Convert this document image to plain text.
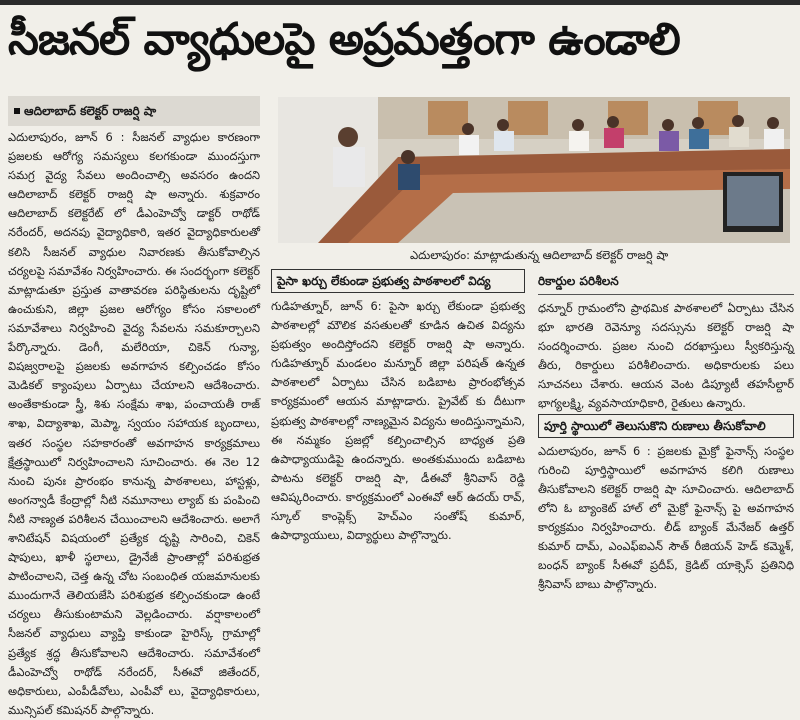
సీజనల్ వ్యాధులపై అప్రమత్తంగా ఉండాలి
ఆదిలాబాద్ కలెక్టర్ రాజర్షి షా
ఎదులాపురం: మాట్లాడుతున్న ఆదిలాబాద్ కలెక్టర్ రాజర్షి షా

ఎదులాపురం, జూన్ 6 : సీజనల్ వ్యాధుల కారణంగా ప్రజలకు ఆరోగ్య సమస్యలు కలగకుండా ముందస్తుగా సమగ్ర వైద్య సేవలు అందించాల్సి అవసరం ఉందని ఆదిలాబాద్ కలెక్టర్ రాజర్షి షా అన్నారు. శుక్రవారం ఆదిలాబాద్ కలెక్టరేట్ లో డీఎంహెచ్వో డాక్టర్ రాథోడ్ నరేందర్, అదనపు వైద్యాధికారి, ఇతర వైద్యాధికారులతో కలిసి సీజనల్ వ్యాధుల నివారణకు తీసుకోవాల్సిన చర్యలపై సమావేశం నిర్వహించారు. ఈ సందర్భంగా కలెక్టర్ మాట్లాడుతూ ప్రస్తుత వాతావరణ పరిస్థితులను దృష్టిలో ఉంచుకుని, జిల్లా ప్రజల ఆరోగ్యం కోసం సకాలంలో సమావేశాలు నిర్వహించి వైద్య సేవలను సమకూర్చాలని పేర్కొన్నారు. డెంగీ, మలేరియా, చికెన్ గున్యా, విషజ్వరాలపై ప్రజలకు అవగాహన కల్పించడం కోసం మెడికల్ క్యాంపులు ఏర్పాటు చేయాలని ఆదేశించారు. అంతేకాకుండా స్త్రీ, శిశు సంక్షేమ శాఖ, పంచాయతీ రాజ్ శాఖ, విద్యాశాఖ, మెప్మా, స్వయం సహాయక బృందాలు, ఇతర సంస్థల సహకారంతో అవగాహన కార్యక్రమాలు క్షేత్రస్థాయిలో నిర్వహించాలని సూచించారు. ఈ నెల 12 నుంచి పునః ప్రారంభం కానున్న పాఠశాలలు, హాస్టళ్లు, అంగన్వాడీ కేంద్రాల్లో నీటి నమూనాలు ల్యాబ్ కు పంపించి నీటి నాణ్యత పరిశీలన చేయించాలని ఆదేశించారు. అలాగే శానిటేషన్ విషయంలో ప్రత్యేక దృష్టి సారించి, చికెన్ షాపులు, ఖాళీ స్థలాలు, డ్రైనేజీ ప్రాంతాల్లో పరిశుభ్రత పాటించాలని, చెత్త ఉన్న చోట సంబంధిత యజమానులకు ముందుగానే తెలియజేసి పరిశుభ్రత కల్పించకుండా ఉంటే చర్యలు తీసుకుంటామని వెల్లడించారు. వర్షాకాలంలో సీజనల్ వ్యాధులు వ్యాప్తి కాకుండా హైరిస్క్ గ్రామాల్లో ప్రత్యేక శ్రద్ధ తీసుకోవాలని ఆదేశించారు. సమావేశంలో డీఎంహెచ్వో రాథోడ్ నరేందర్, సీఈవో జితేందర్, అధికారులు, ఎంపీడీవోలు, ఎంపీవో లు, వైద్యాధికారులు, మున్సిపల్ కమిషనర్ పాల్గొన్నారు.

పైసా ఖర్చు లేకుండా ప్రభుత్వ పాఠశాలలో విద్య

గుడిహత్నూర్, జూన్ 6: పైసా ఖర్చు లేకుండా ప్రభుత్వ పాఠశాలల్లో మౌలిక వసతులతో కూడిన ఉచిత విద్యను ప్రభుత్వం అందిస్తోందని కలెక్టర్ రాజర్షి షా అన్నారు. గుడిహత్నూర్ మండలం మన్నూర్ జిల్లా పరిషత్ ఉన్నత పాఠశాలలో ఏర్పాటు చేసిన బడిబాట ప్రారంభోత్సవ కార్యక్రమంలో ఆయన మాట్లాడారు. ప్రైవేట్ కు దీటుగా ప్రభుత్వ పాఠశాలల్లో నాణ్యమైన విద్యను అందిస్తున్నామని, ఈ నమ్మకం ప్రజల్లో కల్పించాల్సిన బాధ్యత ప్రతి ఉపాధ్యాయుడిపై ఉందన్నారు. అంతకుముందు బడిబాట పాటను కలెక్టర్ రాజర్షి షా, డీఈవో శ్రీనివాస్ రెడ్డి ఆవిష్కరించారు. కార్యక్రమంలో ఎంఈవో ఆర్ ఉదయ్ రావ్, స్కూల్ కాంప్లెక్స్ హెచ్ఎం సంతోష్ కుమార్, ఉపాధ్యాయులు, విద్యార్థులు పాల్గొన్నారు.

రికార్డుల పరిశీలన

ధన్నూర్ గ్రామంలోని ప్రాథమిక పాఠశాలలో ఏర్పాటు చేసిన భూ భారతి రెవెన్యూ సదస్సును కలెక్టర్ రాజర్షి షా సందర్శించారు. ప్రజల నుంచి దరఖాస్తులు స్వీకరిస్తున్న తీరు, రికార్డులు పరిశీలించారు. అధికారులకు పలు సూచనలు చేశారు. ఆయన వెంట డిప్యూటీ తహసీల్దార్ భాగ్యలక్ష్మి, వ్యవసాయాధికారి, రైతులు ఉన్నారు.

పూర్తి స్థాయిలో తెలుసుకొని రుణాలు తీసుకోవాలి

ఎదులాపురం, జూన్ 6 : ప్రజలకు మైక్రో ఫైనాన్స్ సంస్థల గురించి పూర్తిస్థాయిలో అవగాహన కలిగి రుణాలు తీసుకోవాలని కలెక్టర్ రాజర్షి షా సూచించారు. ఆదిలాబాద్ లోని ఓ బ్యాంకెట్ హాల్ లో మైక్రో ఫైనాన్స్ పై అవగాహన కార్యక్రమం నిర్వహించారు. లీడ్ బ్యాంక్ మేనేజర్ ఉత్తర్ కుమార్ దామ్, ఎంఎఫ్ఐఎన్ సౌత్ రీజియన్ హెడ్ కమ్మెశ్, బంధన్ బ్యాంక్ సీఈవో ప్రదీప్, క్రెడిట్ యాక్సెస్ ప్రతినిధి శ్రీనివాస్ బాబు పాల్గొన్నారు.
